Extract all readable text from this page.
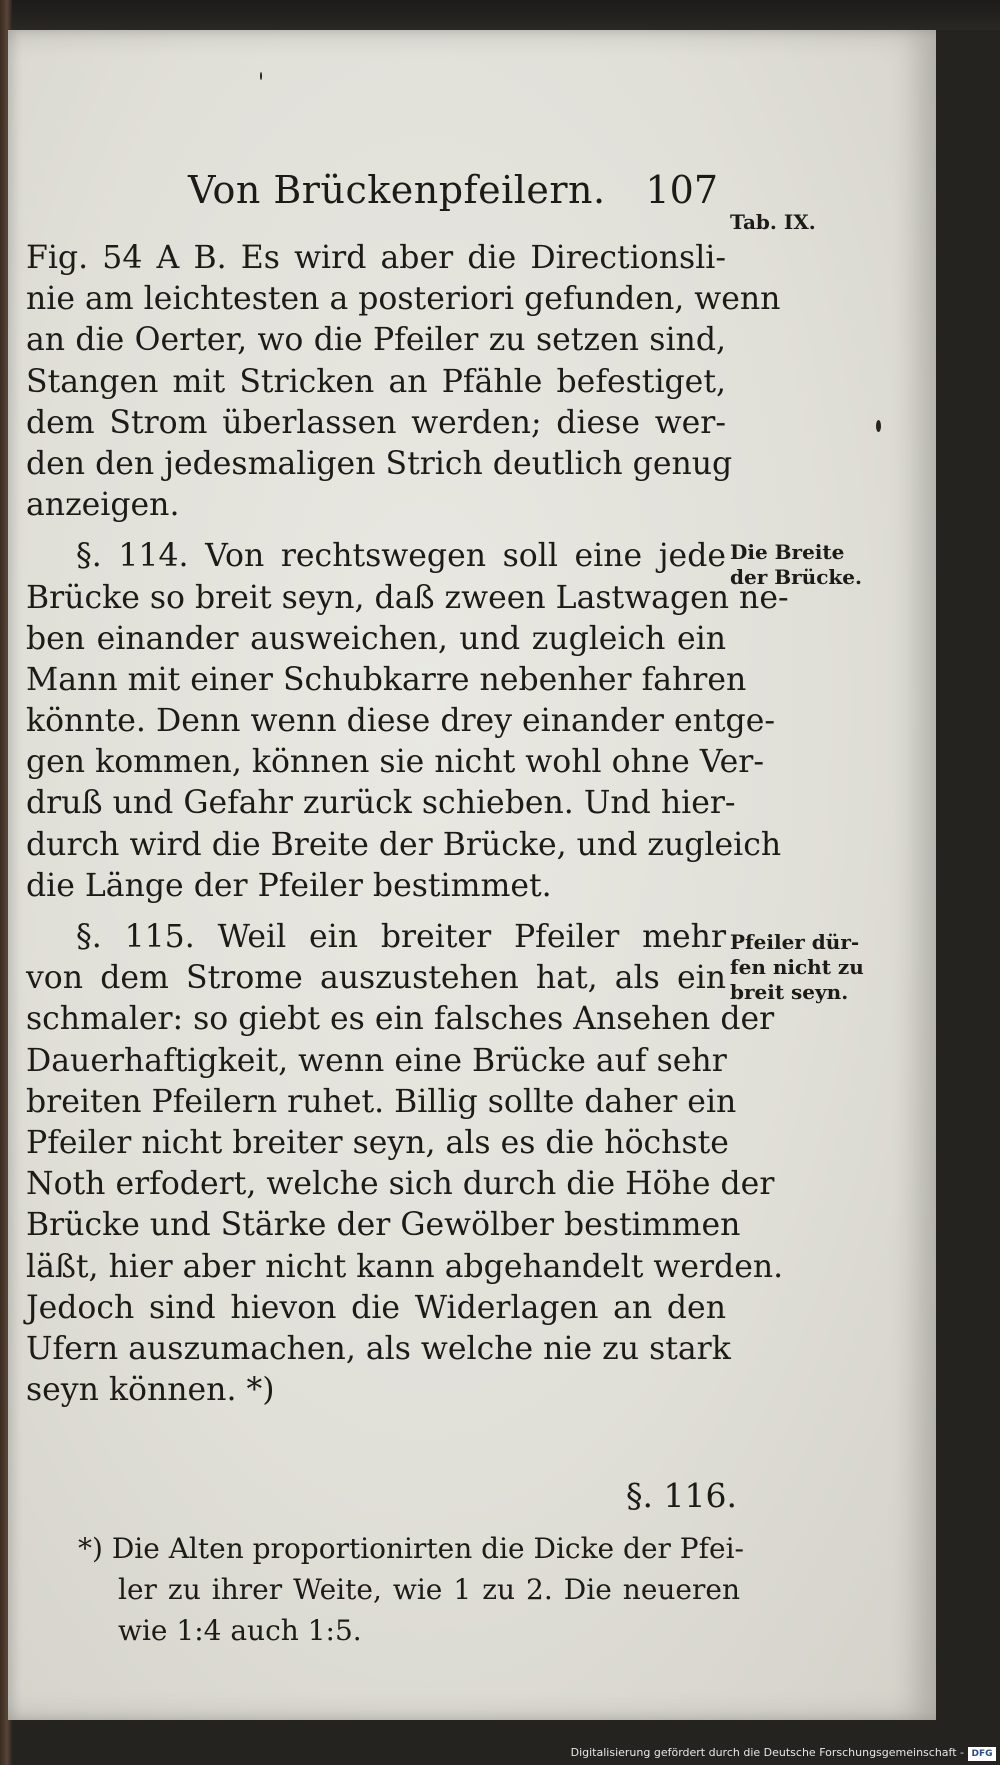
Von Brückenpfeilern. 107
Fig. 54 A B. Es wird aber die Directionsli-
nie am leichtesten a posteriori gefunden, wenn
an die Oerter, wo die Pfeiler zu setzen sind,
Stangen mit Stricken an Pfähle befestiget,
dem Strom überlassen werden; diese wer-
den den jedesmaligen Strich deutlich genug
anzeigen.
§. 114. Von rechtswegen soll eine jede
Brücke so breit seyn, daß zween Lastwagen ne-
ben einander ausweichen, und zugleich ein
Mann mit einer Schubkarre nebenher fahren
könnte. Denn wenn diese drey einander entge-
gen kommen, können sie nicht wohl ohne Ver-
druß und Gefahr zurück schieben. Und hier-
durch wird die Breite der Brücke, und zugleich
die Länge der Pfeiler bestimmet.
§. 115. Weil ein breiter Pfeiler mehr
von dem Strome auszustehen hat, als ein
schmaler: so giebt es ein falsches Ansehen der
Dauerhaftigkeit, wenn eine Brücke auf sehr
breiten Pfeilern ruhet. Billig sollte daher ein
Pfeiler nicht breiter seyn, als es die höchste
Noth erfodert, welche sich durch die Höhe der
Brücke und Stärke der Gewölber bestimmen
läßt, hier aber nicht kann abgehandelt werden.
Jedoch sind hievon die Widerlagen an den
Ufern auszumachen, als welche nie zu stark
seyn können. *)
Tab. IX.
Die Breite
der Brücke.
Pfeiler dür-
fen nicht zu
breit seyn.
§. 116.
*) Die Alten proportionirten die Dicke der Pfei-
ler zu ihrer Weite, wie 1 zu 2. Die neueren
wie 1:4 auch 1:5.
Digitalisierung gefördert durch die Deutsche Forschungsgemeinschaft - DFG
